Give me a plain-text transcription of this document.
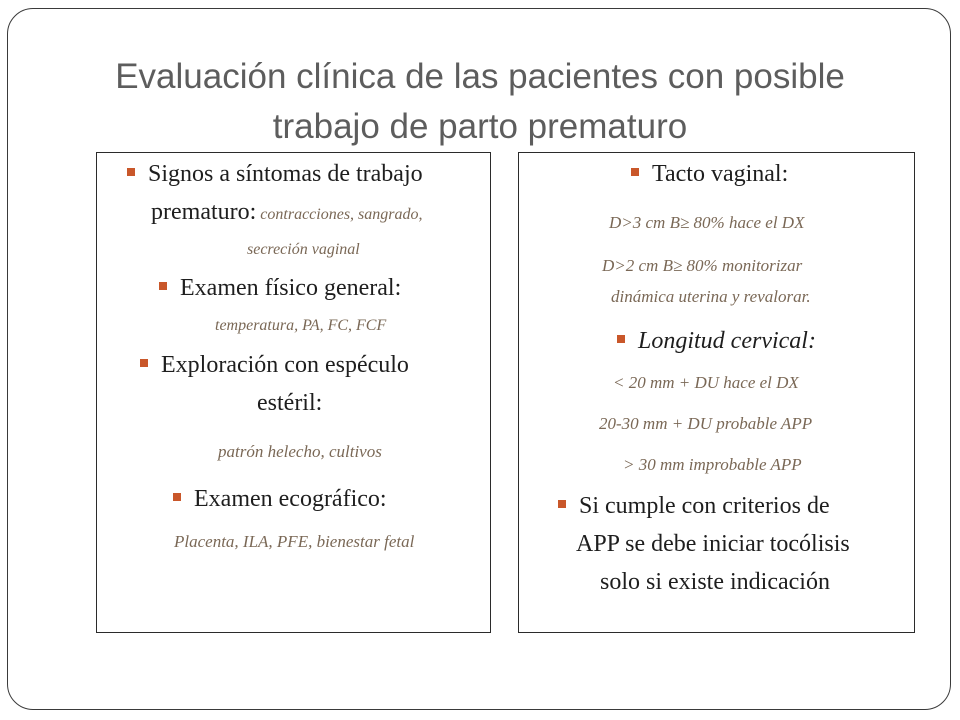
Evaluación clínica de las pacientes con posible
trabajo de parto prematuro
Signos a síntomas de trabajo
prematuro: contracciones, sangrado,
secreción vaginal
Examen físico general:
temperatura, PA, FC, FCF
Exploración con espéculo
estéril:
patrón helecho, cultivos
Examen ecográfico:
Placenta, ILA, PFE, bienestar fetal
Tacto vaginal:
D>3 cm B≥ 80% hace el DX
D>2 cm B≥ 80% monitorizar
dinámica uterina y revalorar.
Longitud cervical:
< 20 mm + DU hace el DX
20-30 mm + DU probable APP
> 30 mm improbable APP
Si cumple con criterios de
APP se debe iniciar tocólisis
solo si existe indicación
